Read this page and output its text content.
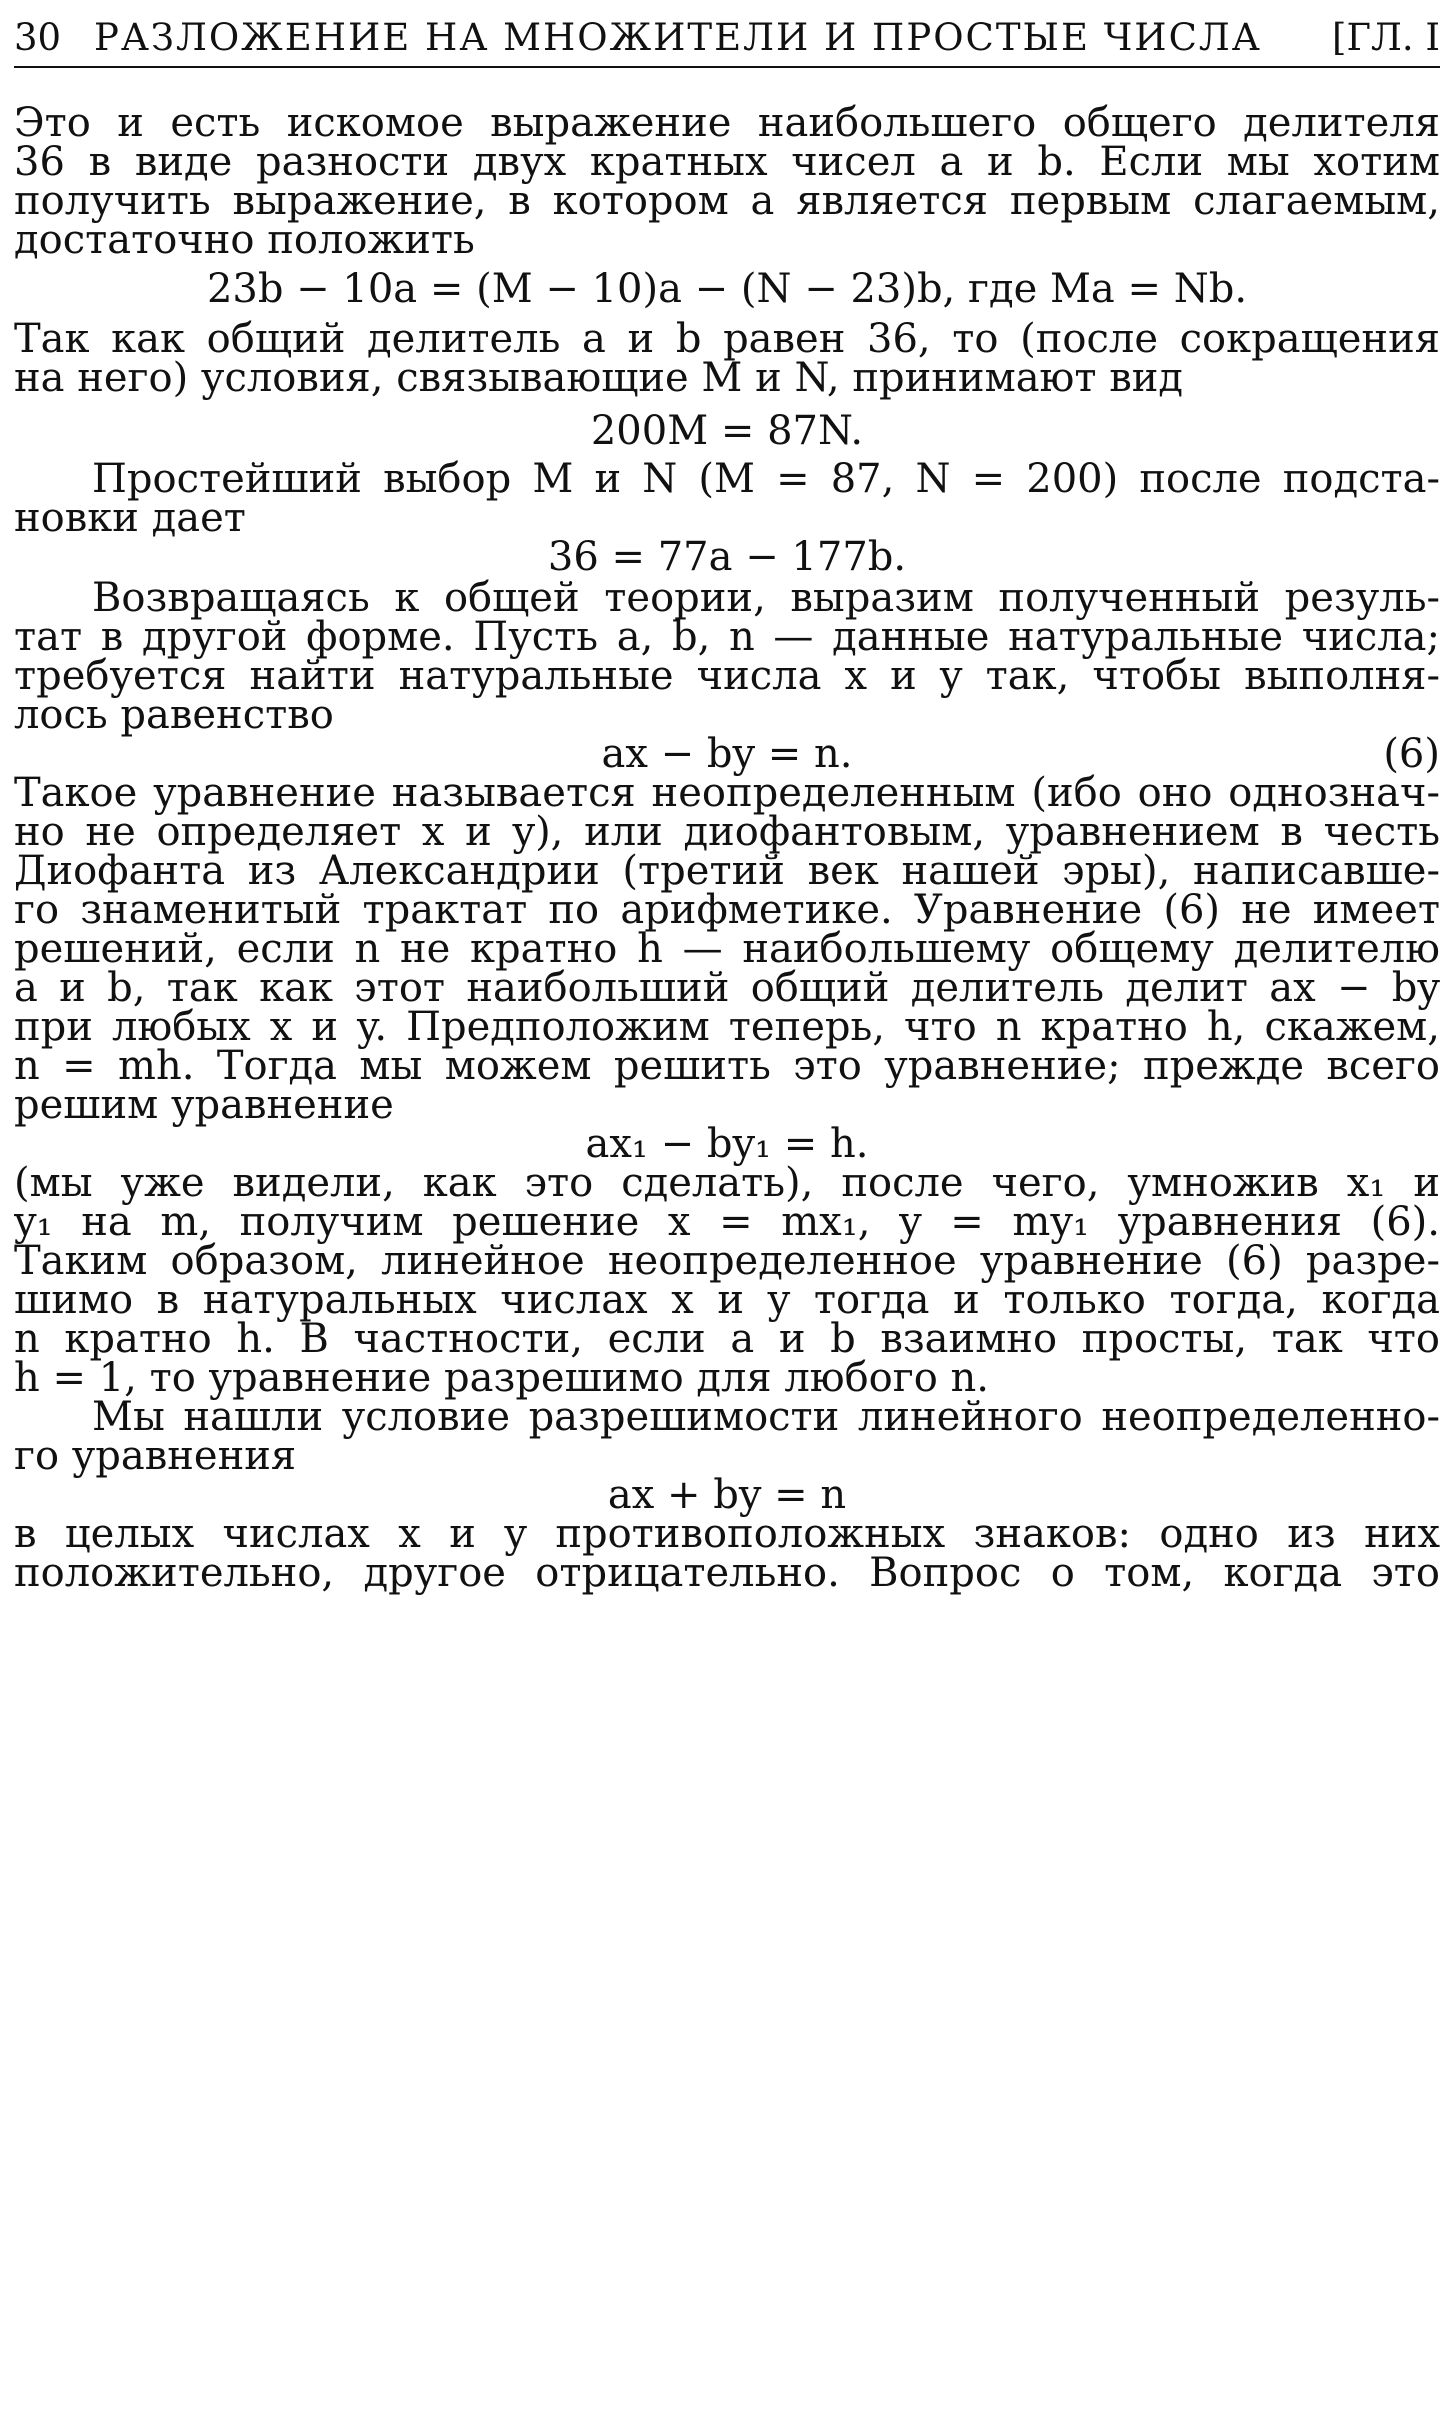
30 РАЗЛОЖЕНИЕ НА МНОЖИТЕЛИ И ПРОСТЫЕ ЧИСЛА [ГЛ. I
Это и есть искомое выражение наибольшего общего делителя
36 в виде разности двух кратных чисел a и b. Если мы хотим
получить выражение, в котором a является первым слагаемым,
достаточно положить
23b − 10a = (M − 10)a − (N − 23)b, где Ma = Nb.
Так как общий делитель a и b равен 36, то (после сокращения
на него) условия, связывающие M и N, принимают вид
200M = 87N.
Простейший выбор M и N (M = 87, N = 200) после подста-
новки дает
36 = 77a − 177b.
Возвращаясь к общей теории, выразим полученный резуль-
тат в другой форме. Пусть a, b, n — данные натуральные числа;
требуется найти натуральные числа x и y так, чтобы выполня-
лось равенство
ax − by = n.	(6)
Такое уравнение называется неопределенным (ибо оно однознач-
но не определяет x и y), или диофантовым, уравнением в честь
Диофанта из Александрии (третий век нашей эры), написавше-
го знаменитый трактат по арифметике. Уравнение (6) не имеет
решений, если n не кратно h — наибольшему общему делителю
a и b, так как этот наибольший общий делитель делит ax − by
при любых x и y. Предположим теперь, что n кратно h, скажем,
n = mh. Тогда мы можем решить это уравнение; прежде всего
решим уравнение
ax₁ − by₁ = h.
(мы уже видели, как это сделать), после чего, умножив x₁ и
y₁ на m, получим решение x = mx₁, y = my₁ уравнения (6).
Таким образом, линейное неопределенное уравнение (6) разре-
шимо в натуральных числах x и y тогда и только тогда, когда
n кратно h. В частности, если a и b взаимно просты, так что
h = 1, то уравнение разрешимо для любого n.
Мы нашли условие разрешимости линейного неопределенно-
го уравнения
ax + by = n
в целых числах x и y противоположных знаков: одно из них
положительно, другое отрицательно. Вопрос о том, когда это
